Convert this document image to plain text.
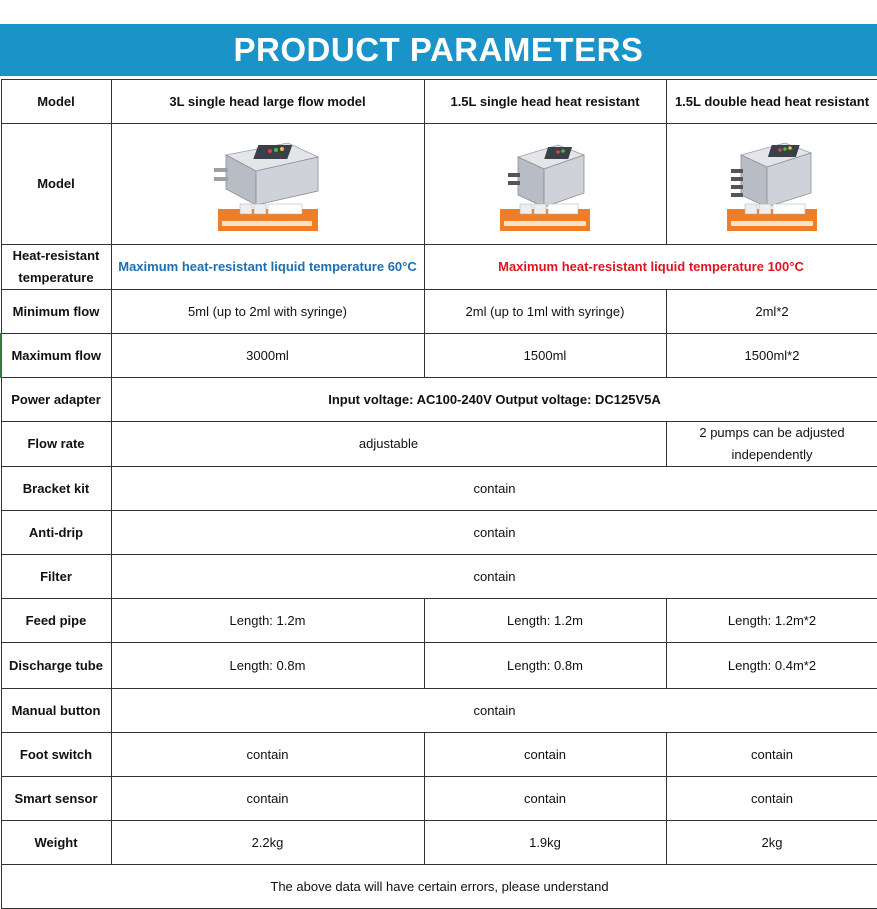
PRODUCT PARAMETERS
Model	3L single head large flow model	1.5L single head heat resistant	1.5L double head heat resistant
Model	

Heat-resistant temperature	Maximum heat-resistant liquid temperature 60°C	Maximum heat-resistant liquid temperature 100°C	
Minimum flow	5ml (up to 2ml with syringe)	2ml (up to 1ml with syringe)	2ml*2
Maximum flow	3000ml	1500ml	1500ml*2
Power adapter	Input voltage: AC100-240V Output voltage: DC125V5A		
Flow rate	adjustable		2 pumps can be adjusted independently
Bracket kit	contain		
Anti-drip	contain		
Filter	contain		
Feed pipe	Length: 1.2m	Length: 1.2m	Length: 1.2m*2
Discharge tube	Length: 0.8m	Length: 0.8m	Length: 0.4m*2
Manual button	contain		
Foot switch	contain	contain	contain
Smart sensor	contain	contain	contain
Weight	2.2kg	1.9kg	2kg
The above data will have certain errors, please understand			
